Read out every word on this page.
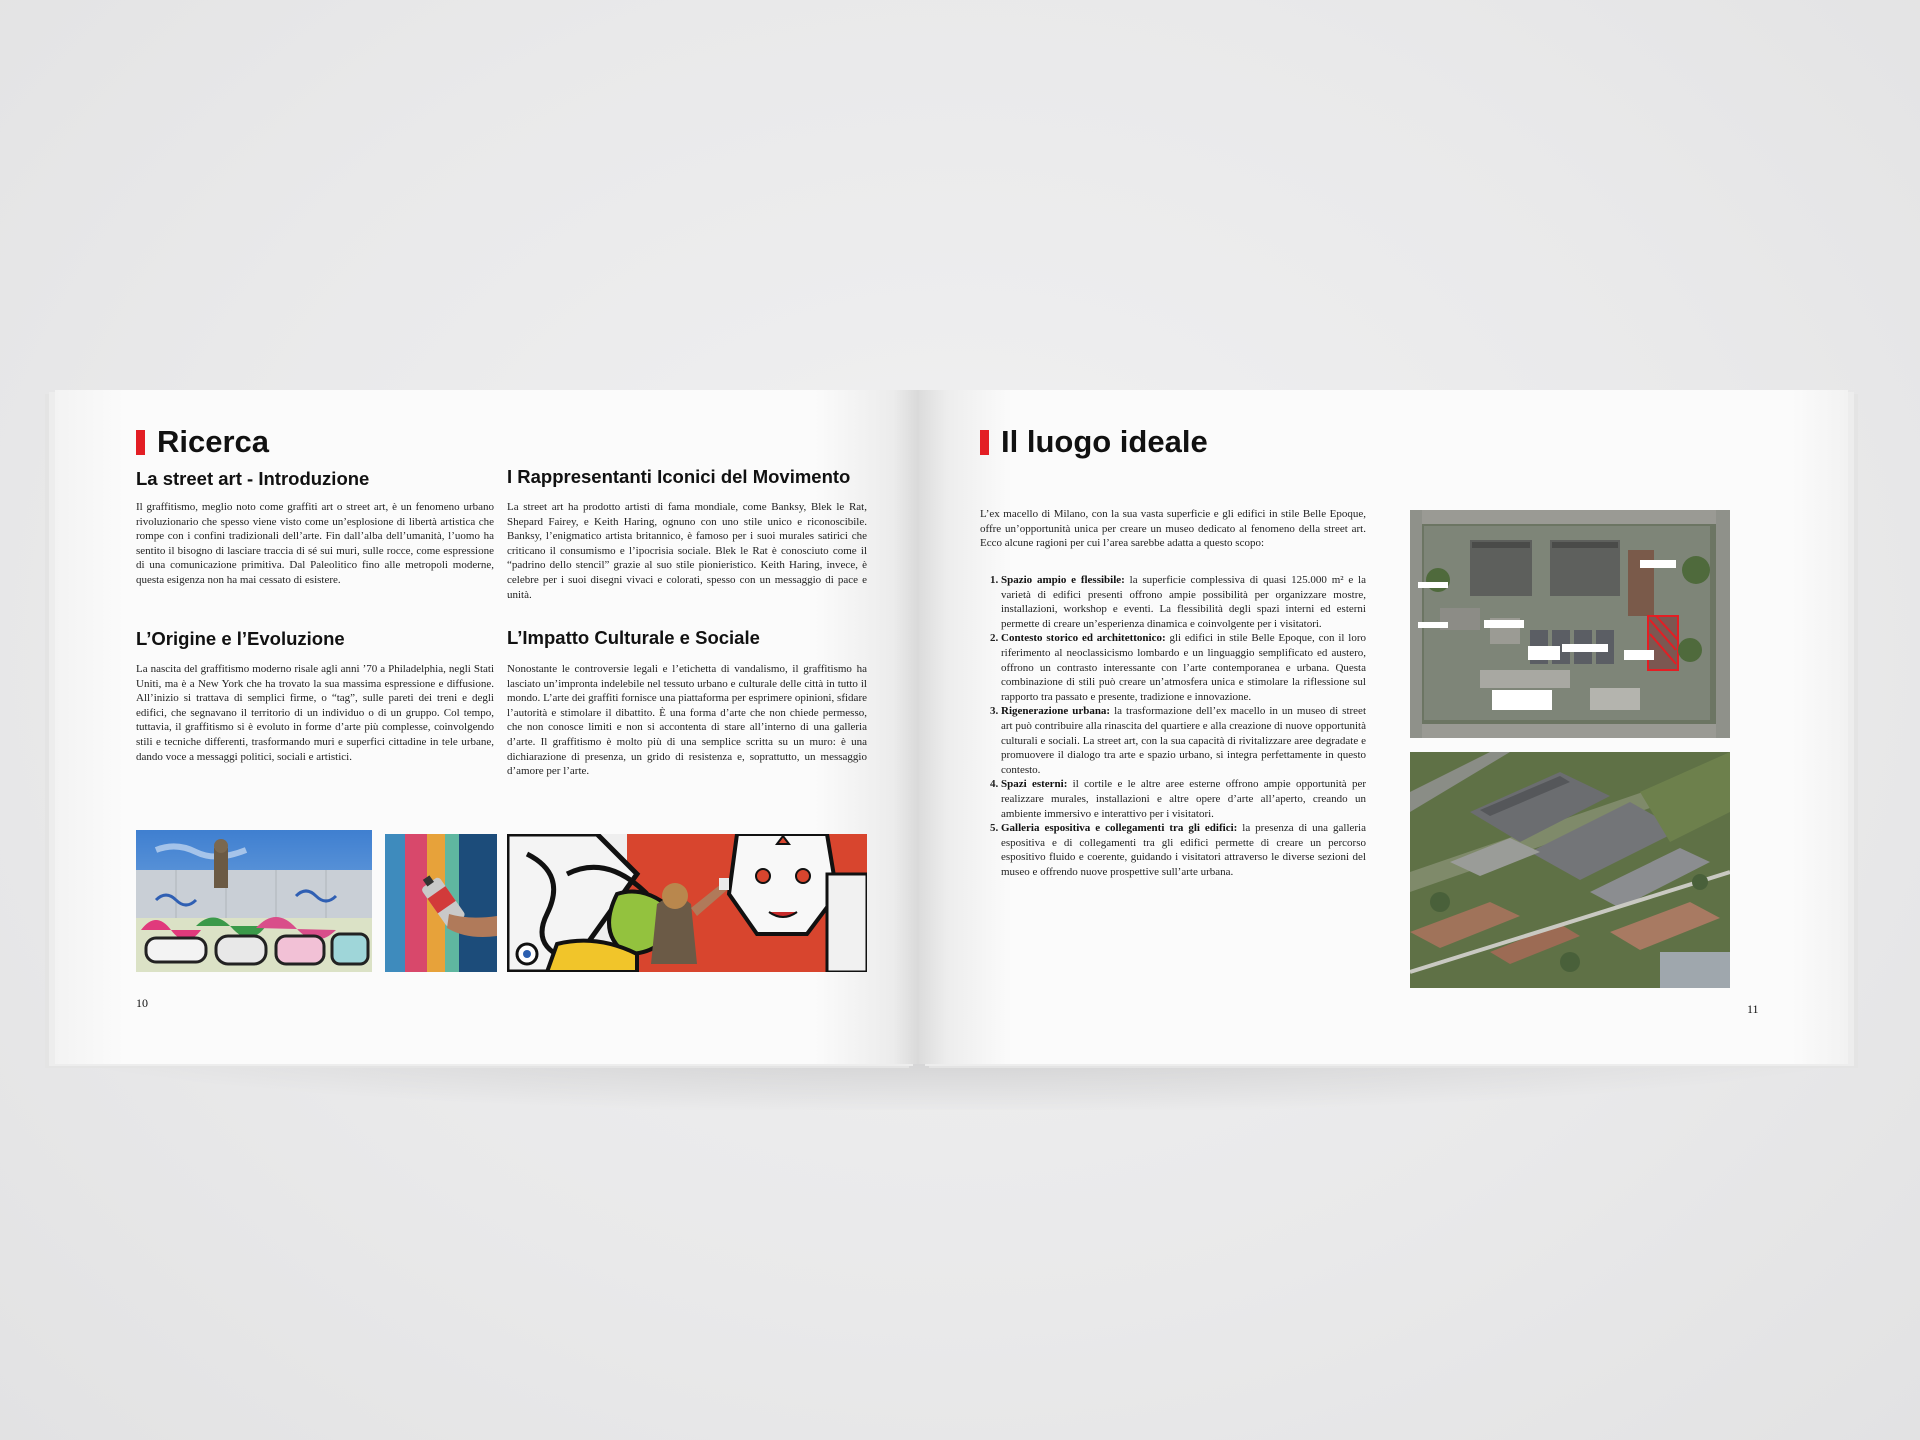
Ricerca
La street art - Introduzione

Il graffitismo, meglio noto come graffiti art o street art, è un fenomeno urbano rivoluzionario che spesso viene visto come un’esplosione di libertà artistica che rompe con i confini tradizionali dell’arte. Fin dall’alba dell’umanità, l’uomo ha sentito il bisogno di lasciare traccia di sé sui muri, sulle rocce, come espressione di una comunicazione primitiva. Dal Paleolitico fino alle metropoli moderne, questa esigenza non ha mai cessato di esistere.

I Rappresentanti Iconici del Movimento

La street art ha prodotto artisti di fama mondiale, come Banksy, Blek le Rat, Shepard Fairey, e Keith Haring, ognuno con uno stile unico e riconoscibile. Banksy, l’enigmatico artista britannico, è famoso per i suoi murales satirici che criticano il consumismo e l’ipocrisia sociale. Blek le Rat è conosciuto come il “padrino dello stencil” grazie al suo stile pionieristico. Keith Haring, invece, è celebre per i suoi disegni vivaci e colorati, spesso con un messaggio di pace e unità.

L’Origine e l’Evoluzione

La nascita del graffitismo moderno risale agli anni ’70 a Philadelphia, negli Stati Uniti, ma è a New York che ha trovato la sua massima espressione e diffusione. All’inizio si trattava di semplici firme, o “tag”, sulle pareti dei treni e degli edifici, che segnavano il territorio di un individuo o di un gruppo. Col tempo, tuttavia, il graffitismo si è evoluto in forme d’arte più complesse, coinvolgendo stili e tecniche differenti, trasformando muri e superfici cittadine in tele urbane, dando voce a messaggi politici, sociali e artistici.

L’Impatto Culturale e Sociale

Nonostante le controversie legali e l’etichetta di vandalismo, il graffitismo ha lasciato un’impronta indelebile nel tessuto urbano e culturale delle città in tutto il mondo. L’arte dei graffiti fornisce una piattaforma per esprimere opinioni, sfidare l’autorità e stimolare il dibattito. È una forma d’arte che non chiede permesso, che non conosce limiti e non si accontenta di stare all’interno di una galleria d’arte. Il graffitismo è molto più di una semplice scritta su un muro: è una dichiarazione di presenza, un grido di resistenza e, soprattutto, un messaggio d’amore per l’arte.

10
Il luogo ideale

L’ex macello di Milano, con la sua vasta superficie e gli edifici in stile Belle Epoque, offre un’opportunità unica per creare un museo dedicato al fenomeno della street art. Ecco alcune ragioni per cui l’area sarebbe adatta a questo scopo:

1. Spazio ampio e flessibile: la superficie complessiva di quasi 125.000 m² e la varietà di edifici presenti offrono ampie possibilità per organizzare mostre, installazioni, workshop e eventi. La flessibilità degli spazi interni ed esterni permette di creare un’esperienza dinamica e coinvolgente per i visitatori.
2. Contesto storico ed architettonico: gli edifici in stile Belle Epoque, con il loro riferimento al neoclassicismo lombardo e un linguaggio semplificato ed austero, offrono un contrasto interessante con l’arte contemporanea e urbana. Questa combinazione di stili può creare un’atmosfera unica e stimolare la riflessione sul rapporto tra passato e presente, tradizione e innovazione.
3. Rigenerazione urbana: la trasformazione dell’ex macello in un museo di street art può contribuire alla rinascita del quartiere e alla creazione di nuove opportunità culturali e sociali. La street art, con la sua capacità di rivitalizzare aree degradate e promuovere il dialogo tra arte e spazio urbano, si integra perfettamente in questo contesto.
4. Spazi esterni: il cortile e le altre aree esterne offrono ampie opportunità per realizzare murales, installazioni e altre opere d’arte all’aperto, creando un ambiente immersivo e interattivo per i visitatori.
5. Galleria espositiva e collegamenti tra gli edifici: la presenza di una galleria espositiva e di collegamenti tra gli edifici permette di creare un percorso espositivo fluido e coerente, guidando i visitatori attraverso le diverse sezioni del museo e offrendo nuove prospettive sull’arte urbana.
11
